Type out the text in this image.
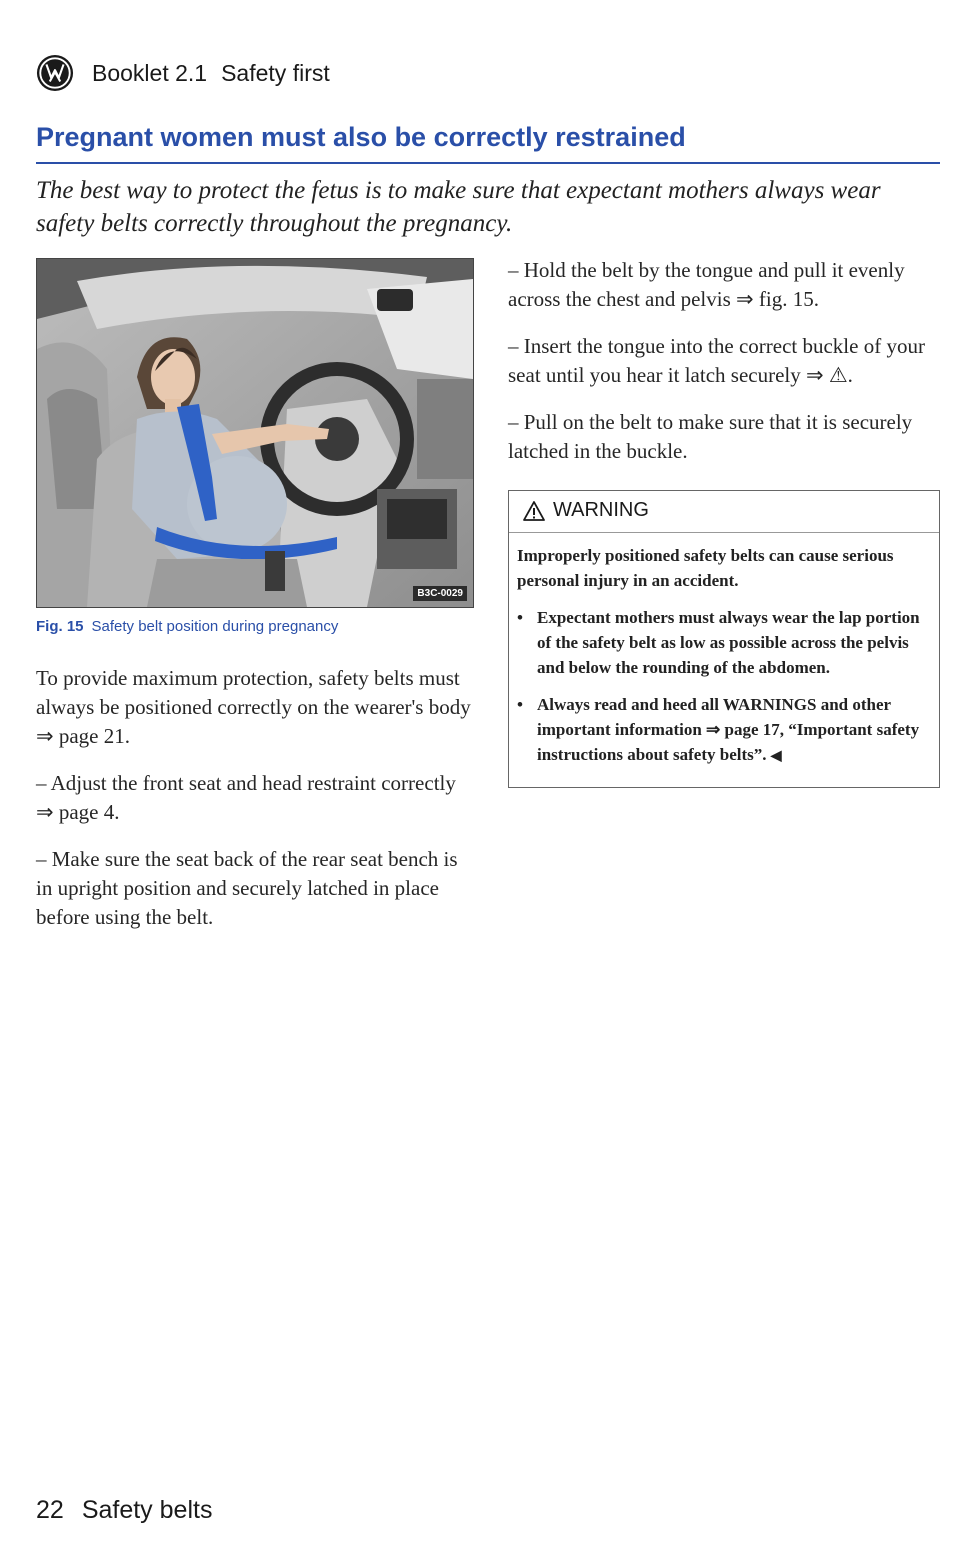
Booklet 2.1 Safety first
Pregnant women must also be correctly restrained
The best way to protect the fetus is to make sure that expectant mothers always wear safety belts correctly throughout the pregnancy.
B3C-0029
Fig. 15 Safety belt position during pregnancy

To provide maximum protection, safety belts must always be positioned correctly on the wearer's body ⇒ page 21.

– Adjust the front seat and head restraint correctly ⇒ page 4.

– Make sure the seat back of the rear seat bench is in upright position and securely latched in place before using the belt.

– Hold the belt by the tongue and pull it evenly across the chest and pelvis ⇒ fig. 15.

– Insert the tongue into the correct buckle of your seat until you hear it latch securely ⇒ ⚠.

– Pull on the belt to make sure that it is securely latched in the buckle.

WARNING

Improperly positioned safety belts can cause serious personal injury in an accident.

• Expectant mothers must always wear the lap portion of the safety belt as low as possible across the pelvis and below the rounding of the abdomen.
• Always read and heed all WARNINGS and other important information ⇒ page 17, “Important safety instructions about safety belts”. ◀
22 Safety belts
